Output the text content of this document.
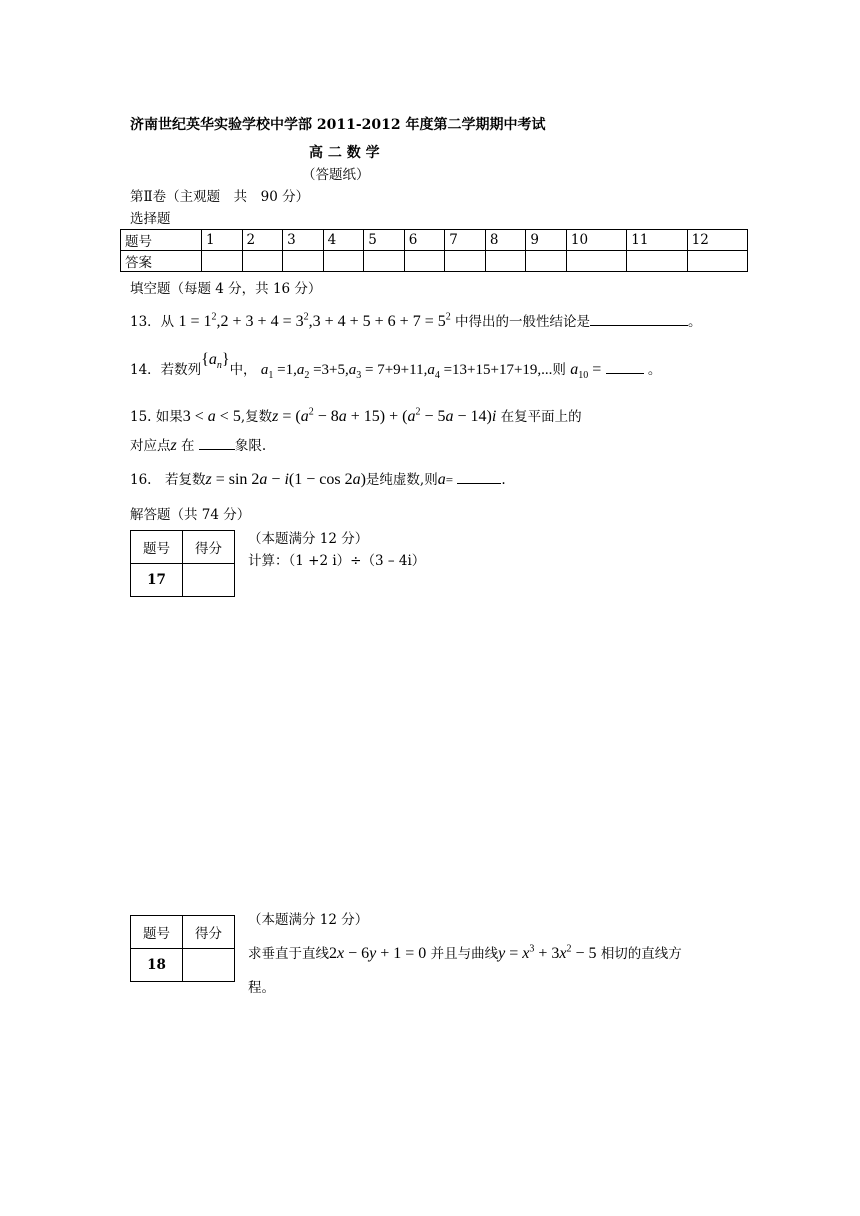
济南世纪英华实验学校中学部 2011-2012 年度第二学期期中考试
高 二 数 学
（答题纸）
第Ⅱ卷（主观题　共　90 分）
选择题
题号	1	2	3	4	5	6	7	8	9	10	11	12
答案												
填空题（每题 4 分，共 16 分）
13．从 $1 = 1^2,2 + 3 + 4 = 3^2,3 + 4 + 5 + 6 + 7 = 5^2$ 中得出的一般性结论是	。
14．若数列$\{a_n\}$中， $a_1 =1,a_2 =3+5,a_3 = 7+9+11,a_4 =13+15+17+19$,...则 $a_{10}$ =	。
15. 如果3 < a < 5,复数$z = (a^2 - 8a + 15) + (a^2 - 5a - 14)i$ 在复平面上的
对应点z 在	象限.
16.　若复数z = sin 2a − i(1 − cos 2a)是纯虚数,则a=	.
解答题（共 74 分）
题号	得分
17	
（本题满分 12 分）
计算：（1 +2 i）÷（3 – 4i）
题号	得分
18	
（本题满分 12 分）
求垂直于直线2x − 6y + 1 = 0 并且与曲线$y = x^3 + 3x^2 - 5$ 相切的直线方
程。
